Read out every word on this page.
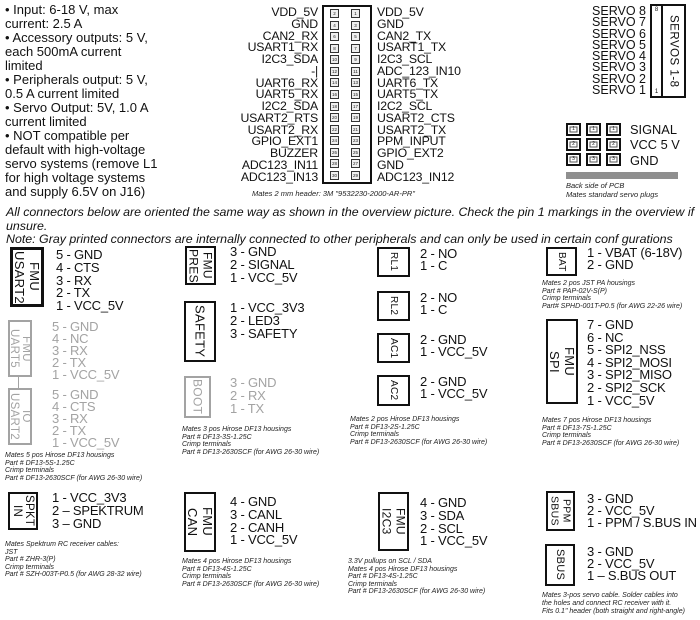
• Input: 6-18 V, max
current: 2.5 A
• Accessory outputs: 5 V,
each 500mA current
limited
• Peripherals output: 5 V,
0.5 A current limited
• Servo Output: 5V, 1.0 A
current limited
• NOT compatible per
default with high-voltage
servo systems (remove L1
for high voltage systems
and supply 6.5V on J16)
VDD_5V
GND
CAN2_RX
USART1_RX
I2C3_SDA
-|
UART6_RX
UART5_RX
I2C2_SDA
USART2_RTS
USART2_RX
GPIO_EXT1
BUZZER
ADC123_IN11
ADC123_IN13
2
4
6
8
10
12
14
16
18
20
22
24
26
28
30
1
3
5
7
9
11
13
15
17
19
21
23
25
27
29
VDD_5V
GND
CAN2_TX
USART1_TX
I2C3_SCL
ADC_123_IN10
UART6_TX
UART5_TX
I2C2_SCL
USART2_CTS
USART2_TX
PPM_INPUT
GPIO_EXT2
GND
ADC123_IN12
Mates 2 mm header: 3M "9532230-2000-AR-PR"
SERVO 8
SERVO 7
SERVO 6
SERVO 5
SERVO 4
SERVO 3
SERVO 2
SERVO 1
8
1
SERVOS 1-8
1
2
3
1
2
3
1
2
3
SIGNAL
VCC 5 V
GND
Back side of PCB
Mates standard servo plugs
All connectors below are oriented the same way as shown in the overview picture. Check the pin 1 markings in the overview if unsure.
Note: Gray printed connectors are internally connected to other peripherals and can only be used in certain conf gurations
FMU
USART2 5 - GND
4 - CTS
3 - RX
2 - TX
1 - VCC_5V
FMU
UART5
5 - GND
4 - NC
3 - RX
2 - TX
1 - VCC_5V
IO
USART2 5 - GND
4 - CTS
3 - RX
2 - TX
1 - VCC_5V
Mates 5 pos Hirose DF13 housings
Part # DF13-5S-1.25C
Crimp terminals
Part # DF13-2630SCF (for AWG 26-30 wire)
SPKT
IN
1 - VCC_3V3
2 – SPEKTRUM
3 – GND
Mates Spektrum RC receiver cables:
JST
Part # ZHR-3(P)
Crimp terminals
Part # SZH-003T-P0.5 (for AWG 28-32 wire)
FMU
PRES 3 - GND
2 - SIGNAL
1 - VCC_5V
SAFETY 1 - VCC_3V3
2 - LED3
3 - SAFETY
BOOT 3 - GND
2 - RX
1 - TX
Mates 3 pos Hirose DF13 housings
Part # DF13-3S-1.25C
Crimp terminals
Part # DF13-2630SCF (for AWG 26-30 wire)
FMU
CAN
4 - GND
3 - CANL
2 - CANH
1 - VCC_5V
Mates 4 pos Hirose DF13 housings
Part # DF13-4S-1.25C
Crimp terminals
Part # DF13-2630SCF (for AWG 26-30 wire)
RL1 2 - NO
1 - C
RL2 2 - NO
1 - C
AC1 2 - GND
1 - VCC_5V
AC2 2 - GND
1 - VCC_5V
Mates 2 pos Hirose DF13 housings
Part # DF13-2S-1.25C
Crimp terminals
Part # DF13-2630SCF (for AWG 26-30 wire)
FMU
I2C3
4 - GND
3 - SDA
2 - SCL
1 - VCC_5V
3.3V pullups on SCL / SDA
Mates 4 pos Hirose DF13 housings
Part # DF13-4S-1.25C
Crimp terminals
Part # DF13-2630SCF (for AWG 26-30 wire)
BAT 1 - VBAT (6-18V)
2 - GND
Mates 2 pos JST PA housings
Part # PAP-02V-S(P)
Crimp terminals
Part# SPHD-001T-P0.5 (for AWG 22-26 wire)
FMU
SPI
7 - GND
6 - NC
5 - SPI2_NSS
4 - SPI2_MOSI
3 - SPI2_MISO
2 - SPI2_SCK
1 - VCC_5V
Mates 7 pos Hirose DF13 housings
Part # DF13-7S-1.25C
Crimp terminals
Part # DF13-2630SCF (for AWG 26-30 wire)
PPM
SBUS 3 - GND
2 - VCC_5V
1 - PPM / S.BUS IN
SBUS 3 - GND
2 - VCC_5V
1 – S.BUS OUT
Mates 3-pos servo cable. Solder cables into
the holes and connect RC receiver with it.
Fits 0.1" header (both straight and right-angle)
